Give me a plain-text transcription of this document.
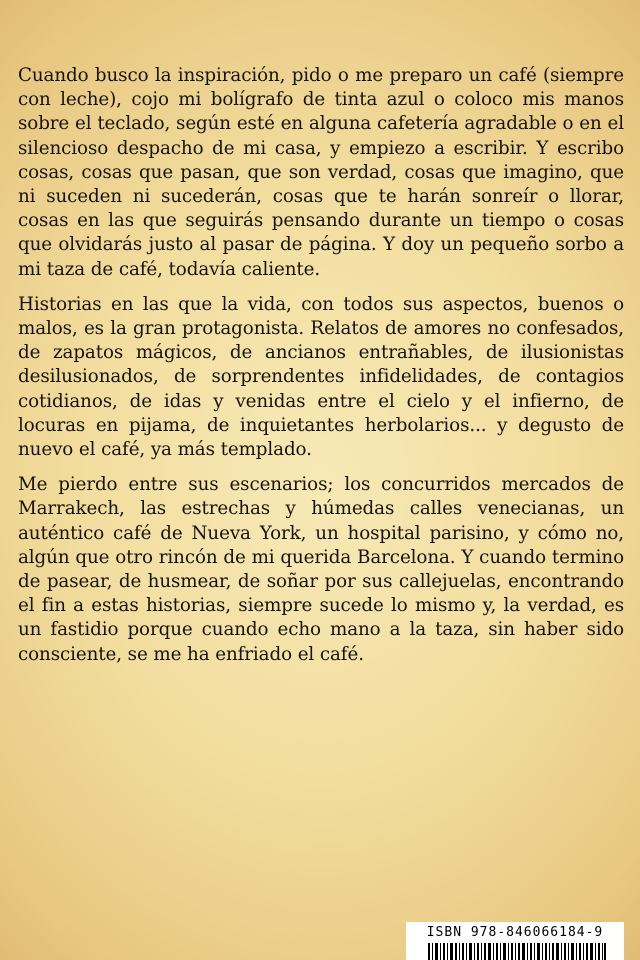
Cuando busco la inspiración, pido o me preparo un café (siempre con leche), cojo mi bolígrafo de tinta azul o coloco mis manos sobre el teclado, según esté en alguna cafetería agradable o en el silencioso despacho de mi casa, y empiezo a escribir. Y escribo cosas, cosas que pasan, que son verdad, cosas que imagino, que ni suceden ni sucederán, cosas que te harán sonreír o llorar, cosas en las que seguirás pensando durante un tiempo o cosas que olvidarás justo al pasar de página. Y doy un pequeño sorbo a mi taza de café, todavía caliente.

Historias en las que la vida, con todos sus aspectos, buenos o malos, es la gran protagonista. Relatos de amores no confesados, de zapatos mágicos, de ancianos entrañables, de ilusionistas desilusionados, de sorprendentes infidelidades, de contagios cotidianos, de idas y venidas entre el cielo y el infierno, de locuras en pijama, de inquietantes herbolarios... y degusto de nuevo el café, ya más templado.

Me pierdo entre sus escenarios; los concurridos mercados de Marrakech, las estrechas y húmedas calles venecianas, un auténtico café de Nueva York, un hospital parisino, y cómo no, algún que otro rincón de mi querida Barcelona. Y cuando termino de pasear, de husmear, de soñar por sus callejuelas, encontrando el fin a estas historias, siempre sucede lo mismo y, la verdad, es un fastidio porque cuando echo mano a la taza, sin haber sido consciente, se me ha enfriado el café.

ISBN 978-846066184-9
